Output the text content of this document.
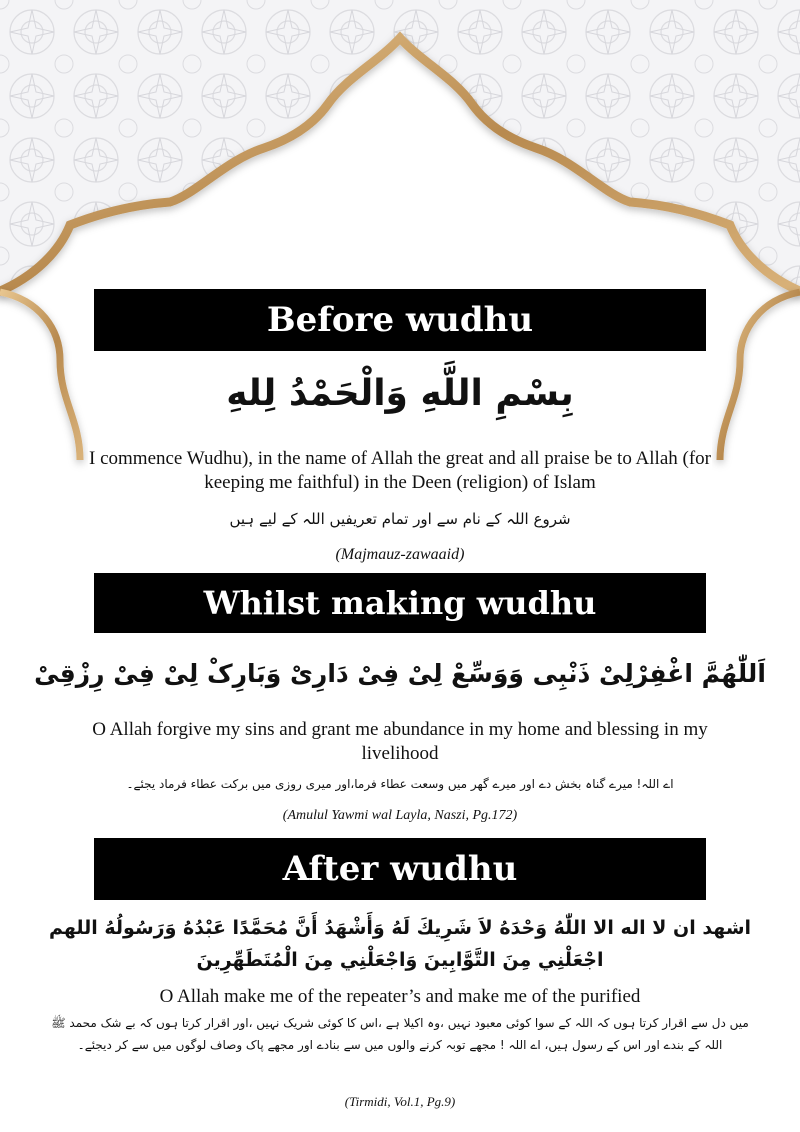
Before wudhu
بِسْمِ اللَّهِ وَالْحَمْدُ لِلهِ
I commence Wudhu), in the name of Allah the great and all praise be to Allah (for keeping me faithful) in the Deen (religion) of Islam
شروع اللہ کے نام سے اور تمام تعریفیں اللہ کے لیے ہیں
(Majmauz-zawaaid)
Whilst making wudhu
اَللّٰھُمَّ اغْفِرْلِیْ ذَنْبِی وَوَسِّعْ لِیْ فِیْ دَارِیْ وَبَارِکْ لِیْ فِیْ رِزْقِیْ
O Allah forgive my sins and grant me abundance in my home and blessing in my livelihood
اے اللہ! میرے گناہ بخش دے اور میرے گھر میں وسعت عطاء فرما،اور میری روزی میں برکت عطاء فرماد یجئے۔
(Amulul Yawmi wal Layla, Naszi, Pg.172)
After wudhu
اشهد ان لا اله الا اللّٰهُ وَحْدَهُ لاَ شَرِيكَ لَهُ وَأَشْهَدُ أَنَّ مُحَمَّدًا عَبْدُهُ وَرَسُولُهُ اللهم
اجْعَلْنِي مِنَ التَّوَّابِينَ وَاجْعَلْنِي مِنَ الْمُتَطَهِّرِينَ
O Allah make me of the repeater’s and make me of the purified
میں دل سے اقرار کرتا ہوں کہ اللہ کے سوا کوئی معبود نہیں ،وہ اکیلا ہے ،اس کا کوئی شریک نہیں ،اور اقرار کرتا ہوں کہ بے شک محمد ﷺ اللہ کے بندے اور اس کے رسول ہیں، اے اللہ ! مجھے توبہ کرنے والوں میں سے بنادے اور مجھے پاک وصاف لوگوں میں سے کر دیجئے۔
(Tirmidi, Vol.1, Pg.9)
